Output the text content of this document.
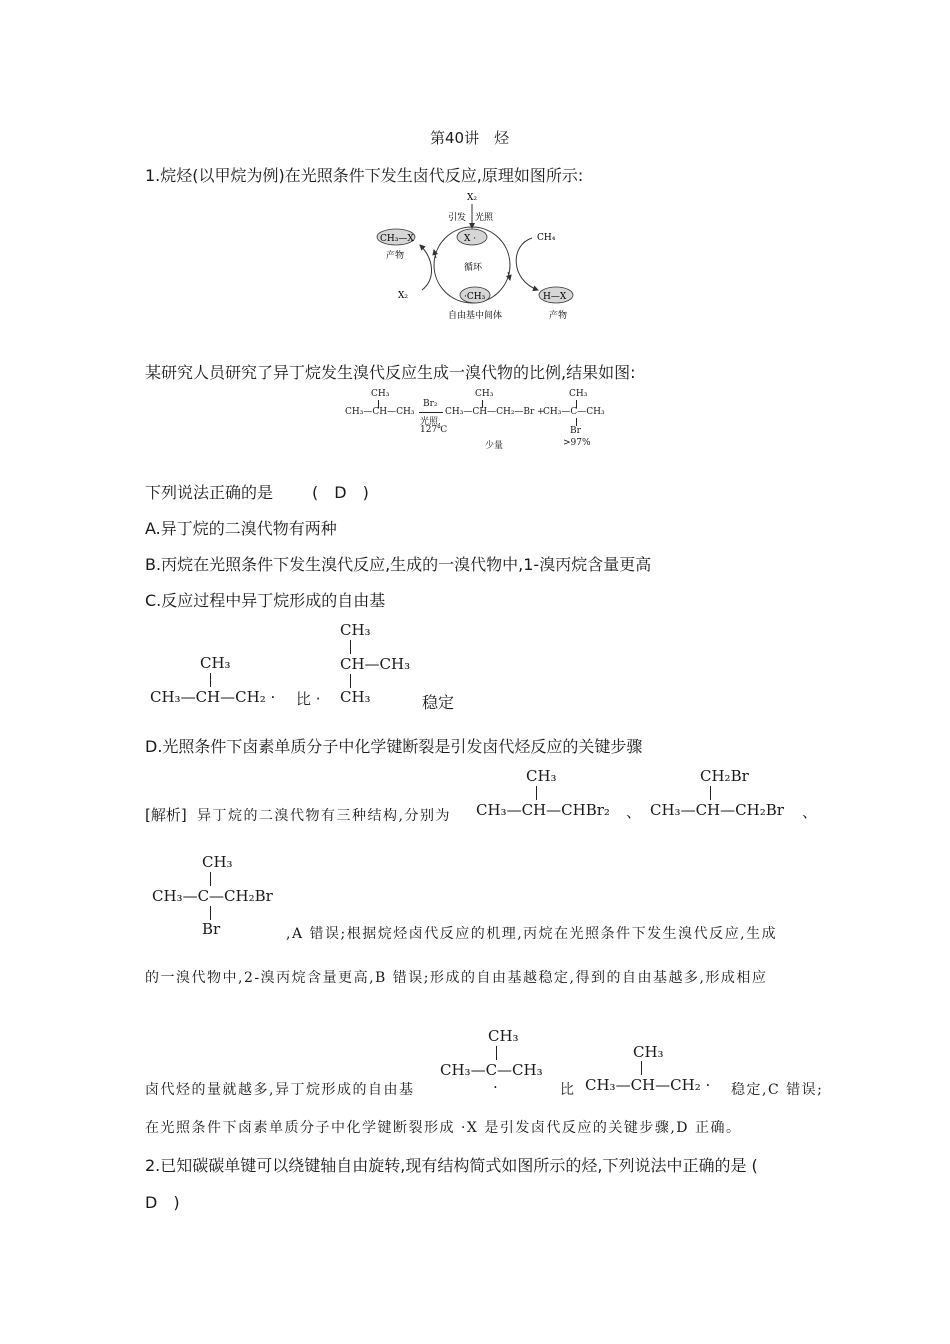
第40讲　烃
1.烷烃(以甲烷为例)在光照条件下发生卤代反应,原理如图所示:
X₂
引发 光照
X ·	CH₄
CH₃—X
产物
循环
H—X
产物
X₂	·CH₃
自由基中间体
某研究人员研究了异丁烷发生溴代反应生成一溴代物的比例,结果如图:
CH₃
CH₃—CH—CH₃
Br₂
光照,
127℃
CH₃
CH₃—CH—CH₂—Br +
CH₃
CH₃—C—CH₃
Br
少量	>97%
下列说法正确的是 (　D　)
A.异丁烷的二溴代物有两种
B.丙烷在光照条件下发生溴代反应,生成的一溴代物中,1-溴丙烷含量更高
C.反应过程中异丁烷形成的自由基
CH₃
CH₃—CH—CH₂ · 比 ·
CH₃
CH—CH₃
CH₃	稳定
D.光照条件下卤素单质分子中化学键断裂是引发卤代烃反应的关键步骤
[解析] 异丁烷的二溴代物有三种结构,分别为
CH₃
CH₃—CH—CHBr₂ 、
CH₂Br
CH₃—CH—CH₂Br 、
CH₃
CH₃—C—CH₂Br
Br	,A 错误;根据烷烃卤代反应的机理,丙烷在光照条件下发生溴代反应,生成
的一溴代物中,2-溴丙烷含量更高,B 错误;形成的自由基越稳定,得到的自由基越多,形成相应
卤代烃的量就越多,异丁烷形成的自由基
CH₃
CH₃—C—CH₃
·	比
CH₃
CH₃—CH—CH₂ · 稳定,C 错误;
在光照条件下卤素单质分子中化学键断裂形成 ·X 是引发卤代反应的关键步骤,D 正确。
2.已知碳碳单键可以绕键轴自由旋转,现有结构简式如图所示的烃,下列说法中正确的是 (
D　)
